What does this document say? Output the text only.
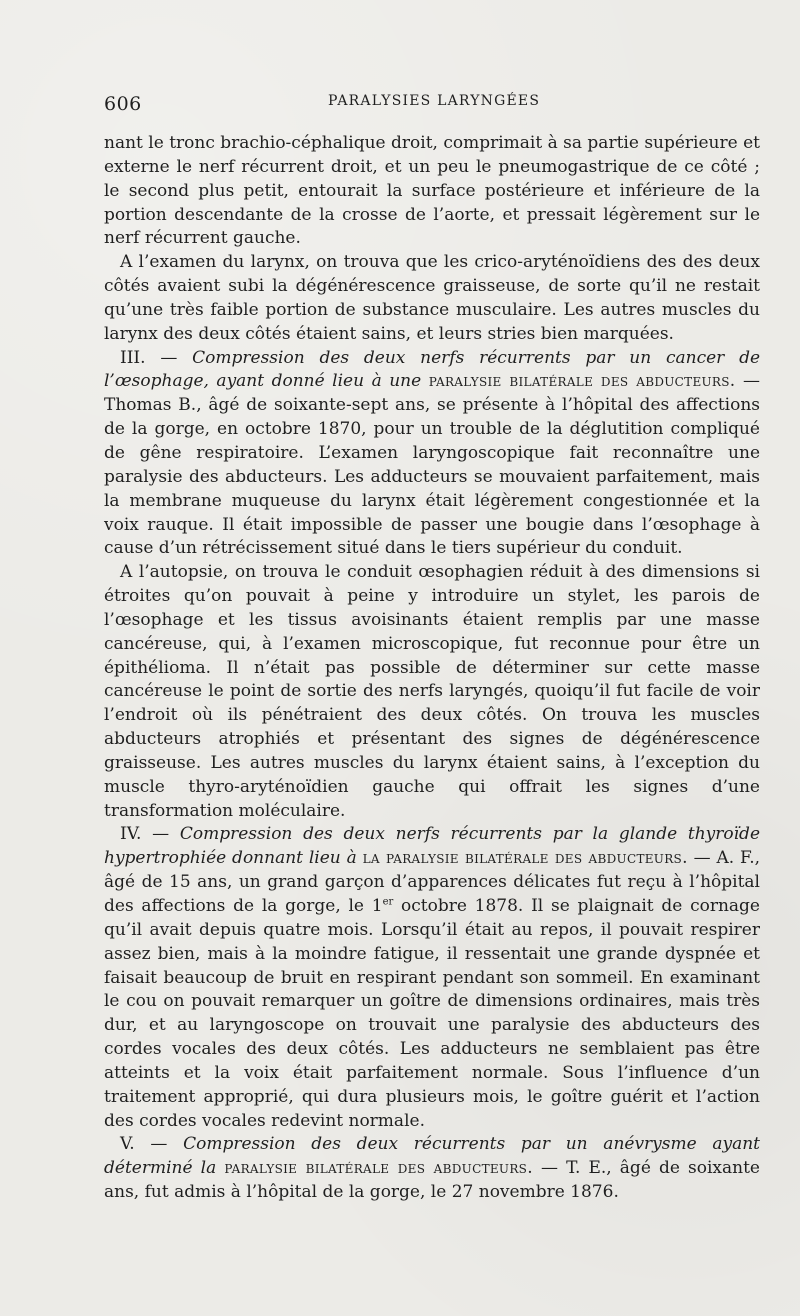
606	PARALYSIES LARYNGÉES

nant le tronc brachio-céphalique droit, comprimait à sa partie supérieure et externe le nerf récurrent droit, et un peu le pneumogastrique de ce côté ; le second plus petit, entourait la surface postérieure et inférieure de la portion descendante de la crosse de l’aorte, et pressait légèrement sur le nerf récurrent gauche.

A l’examen du larynx, on trouva que les crico-aryténoïdiens des des deux côtés avaient subi la dégénérescence graisseuse, de sorte qu’il ne restait qu’une très faible portion de substance musculaire. Les autres muscles du larynx des deux côtés étaient sains, et leurs stries bien marquées.

III. — Compression des deux nerfs récurrents par un cancer de l’œsophage, ayant donné lieu à une paralysie bilatérale des abducteurs. — Thomas B., âgé de soixante-sept ans, se présente à l’hôpital des affections de la gorge, en octobre 1870, pour un trouble de la déglutition compliqué de gêne respiratoire. L’examen laryngoscopique fait reconnaître une paralysie des abducteurs. Les adducteurs se mouvaient parfaitement, mais la membrane muqueuse du larynx était légèrement congestionnée et la voix rauque. Il était impossible de passer une bougie dans l’œsophage à cause d’un rétrécissement situé dans le tiers supérieur du conduit.

A l’autopsie, on trouva le conduit œsophagien réduit à des dimensions si étroites qu’on pouvait à peine y introduire un stylet, les parois de l’œsophage et les tissus avoisinants étaient remplis par une masse cancéreuse, qui, à l’examen microscopique, fut reconnue pour être un épithélioma. Il n’était pas possible de déterminer sur cette masse cancéreuse le point de sortie des nerfs laryngés, quoiqu’il fut facile de voir l’endroit où ils pénétraient des deux côtés. On trouva les muscles abducteurs atrophiés et présentant des signes de dégénérescence graisseuse. Les autres muscles du larynx étaient sains, à l’exception du muscle thyro-aryténoïdien gauche qui offrait les signes d’une transformation moléculaire.

IV. — Compression des deux nerfs récurrents par la glande thyroïde hypertrophiée donnant lieu à la paralysie bilatérale des abducteurs. — A. F., âgé de 15 ans, un grand garçon d’apparences délicates fut reçu à l’hôpital des affections de la gorge, le 1er octobre 1878. Il se plaignait de cornage qu’il avait depuis quatre mois. Lorsqu’il était au repos, il pouvait respirer assez bien, mais à la moindre fatigue, il ressentait une grande dyspnée et faisait beaucoup de bruit en respirant pendant son sommeil. En examinant le cou on pouvait remarquer un goître de dimensions ordinaires, mais très dur, et au laryngoscope on trouvait une paralysie des abducteurs des cordes vocales des deux côtés. Les adducteurs ne semblaient pas être atteints et la voix était parfaitement normale. Sous l’influence d’un traitement approprié, qui dura plusieurs mois, le goître guérit et l’action des cordes vocales redevint normale.

V. — Compression des deux récurrents par un anévrysme ayant déterminé la paralysie bilatérale des abducteurs. — T. E., âgé de soixante ans, fut admis à l’hôpital de la gorge, le 27 novembre 1876.
